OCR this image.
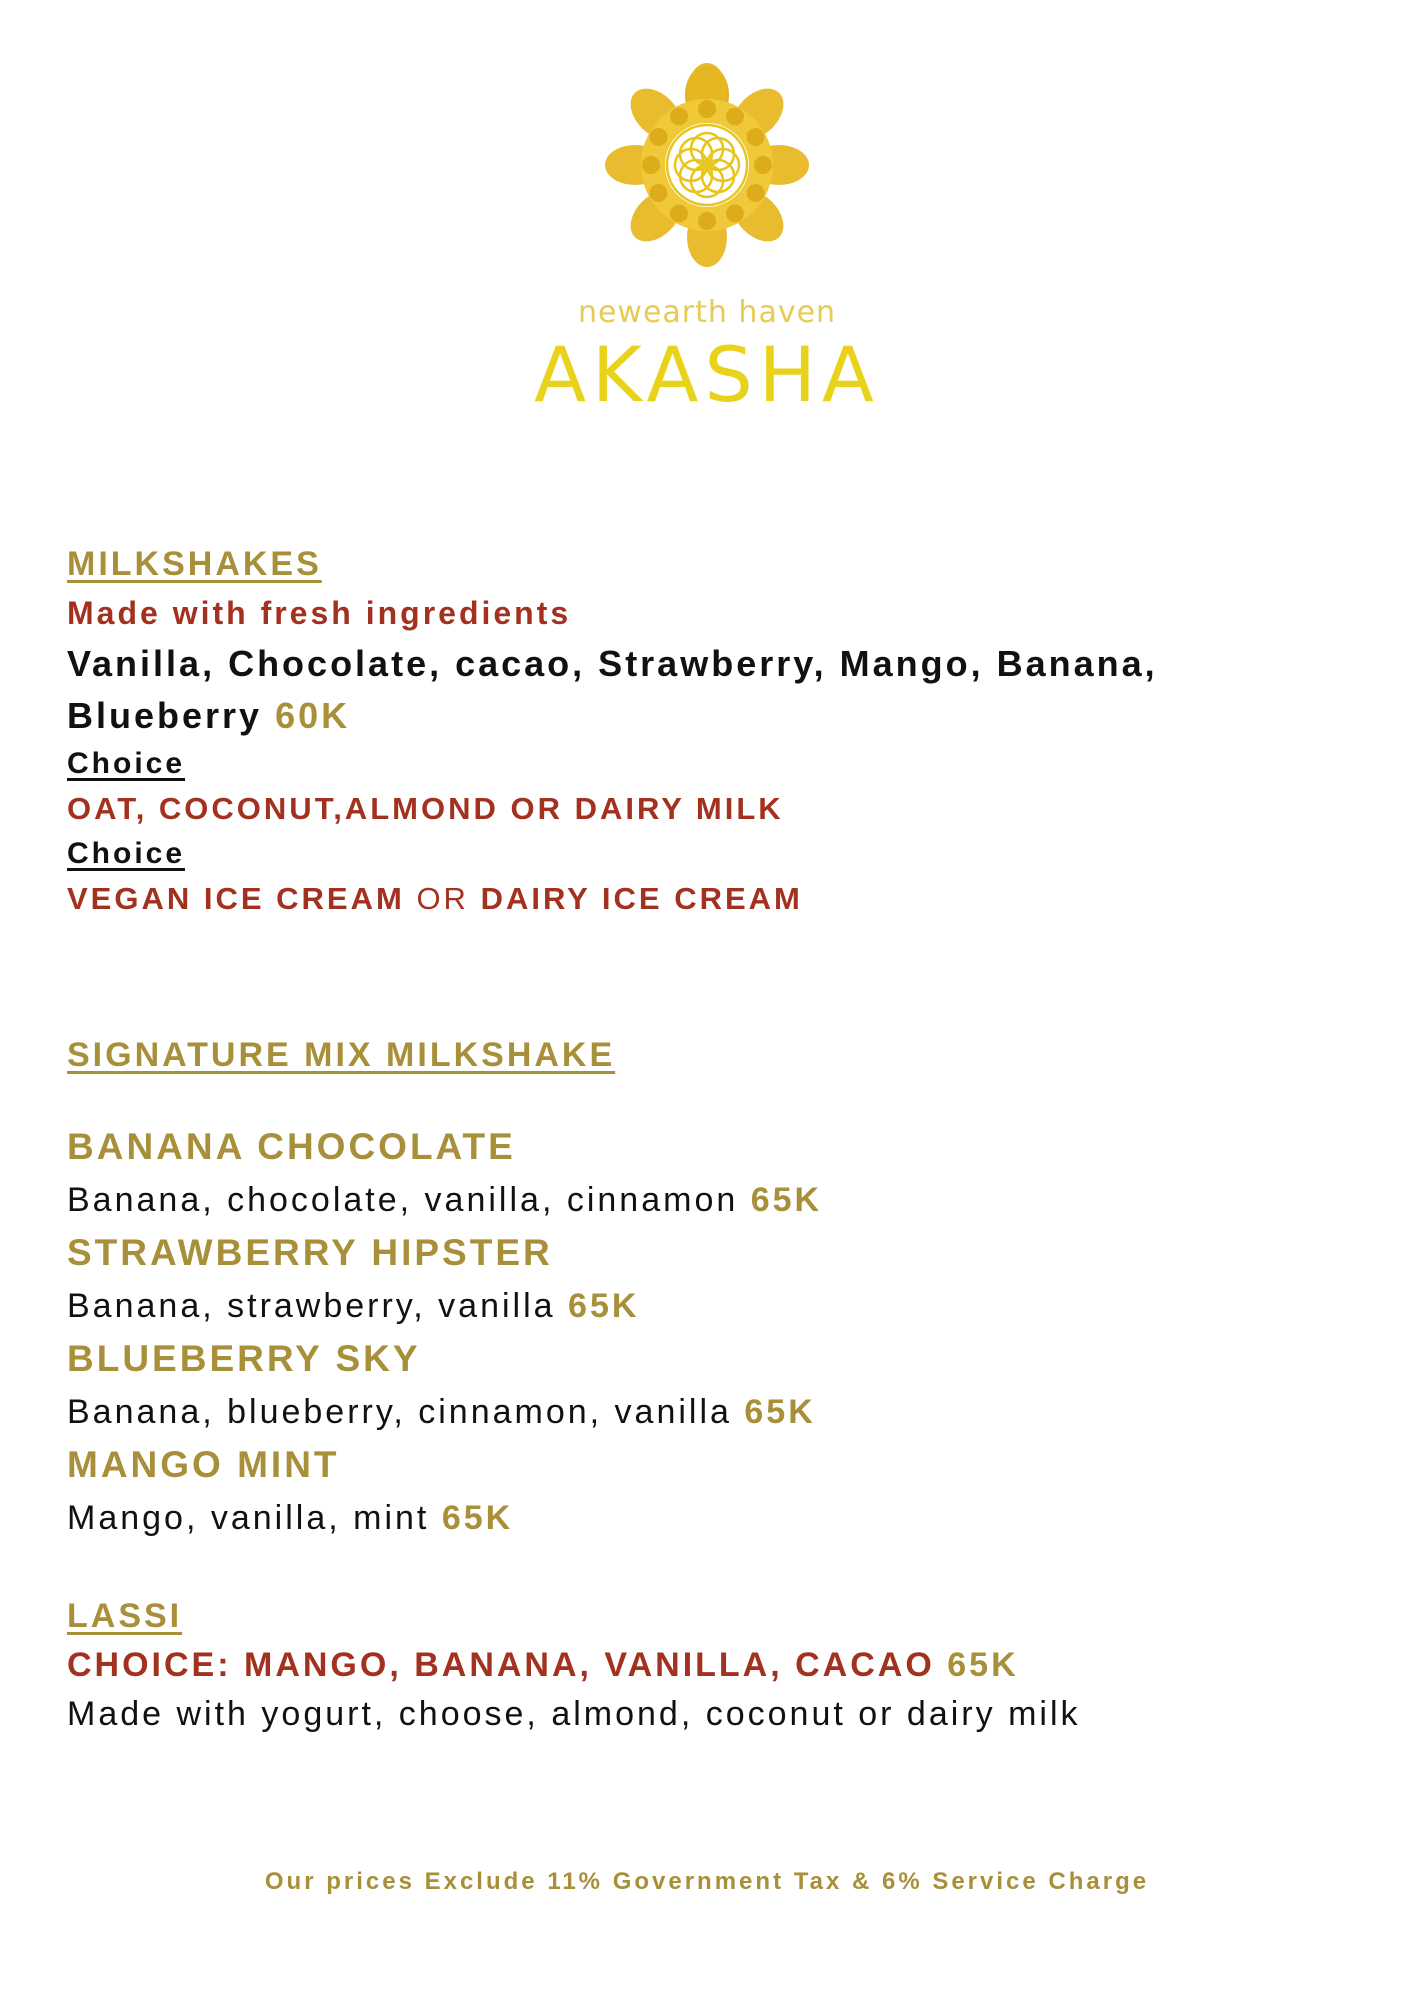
newearth haven
AKASHA
MILKSHAKES
Made with fresh ingredients
Vanilla, Chocolate, cacao, Strawberry, Mango, Banana,
Blueberry 60K
Choice
OAT, COCONUT,ALMOND OR DAIRY MILK
Choice
VEGAN ICE CREAM OR DAIRY ICE CREAM
SIGNATURE MIX MILKSHAKE
BANANA CHOCOLATE
Banana, chocolate, vanilla, cinnamon 65K
STRAWBERRY HIPSTER
Banana, strawberry, vanilla 65K
BLUEBERRY SKY
Banana, blueberry, cinnamon, vanilla 65K
MANGO MINT
Mango, vanilla, mint 65K
LASSI
CHOICE: MANGO, BANANA, VANILLA, CACAO 65K
Made with yogurt, choose, almond, coconut or dairy milk
Our prices Exclude 11% Government Tax & 6% Service Charge
